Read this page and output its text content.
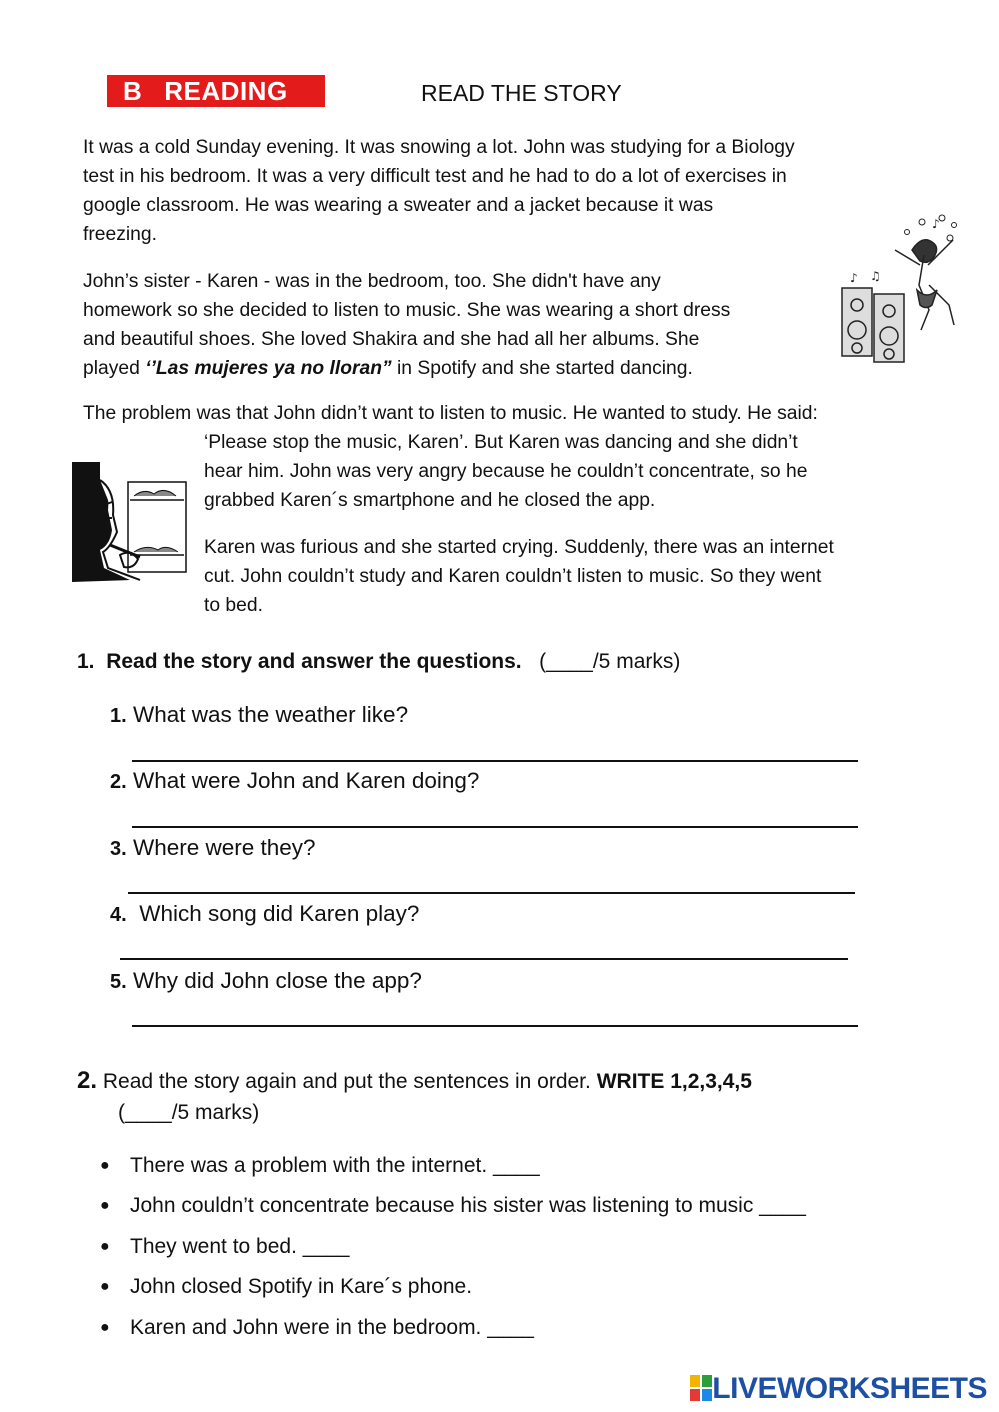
B READING	READ THE STORY
It was a cold Sunday evening. It was snowing a lot. John was studying for a Biology
test in his bedroom. It was a very difficult test and he had to do a lot of exercises in
google classroom. He was wearing a sweater and a jacket because it was
freezing.
John’s sister - Karen - was in the bedroom, too. She didn't have any
homework so she decided to listen to music. She was wearing a short dress
and beautiful shoes. She loved Shakira and she had all her albums. She
played ‘’Las mujeres ya no lloran” in Spotify and she started dancing.
♪ ♫
♪
The problem was that John didn’t want to listen to music. He wanted to study. He said:
‘Please stop the music, Karen’. But Karen was dancing and she didn’t
hear him. John was very angry because he couldn’t concentrate, so he
grabbed Karen´s smartphone and he closed the app.
Karen was furious and she started crying. Suddenly, there was an internet
cut. John couldn’t study and Karen couldn’t listen to music. So they went
to bed.
1. Read the story and answer the questions. (____/5 marks)
1. What was the weather like?
2. What were John and Karen doing?
3. Where were they?
4.  Which song did Karen play?
5. Why did John close the app?
2. Read the story again and put the sentences in order. WRITE 1,2,3,4,5
(____/5 marks)
● There was a problem with the internet. ____
● John couldn’t concentrate because his sister was listening to music ____
● They went to bed. ____
● John closed Spotify in Kare´s phone.
● Karen and John were in the bedroom. ____
LIVEWORKSHEETS
